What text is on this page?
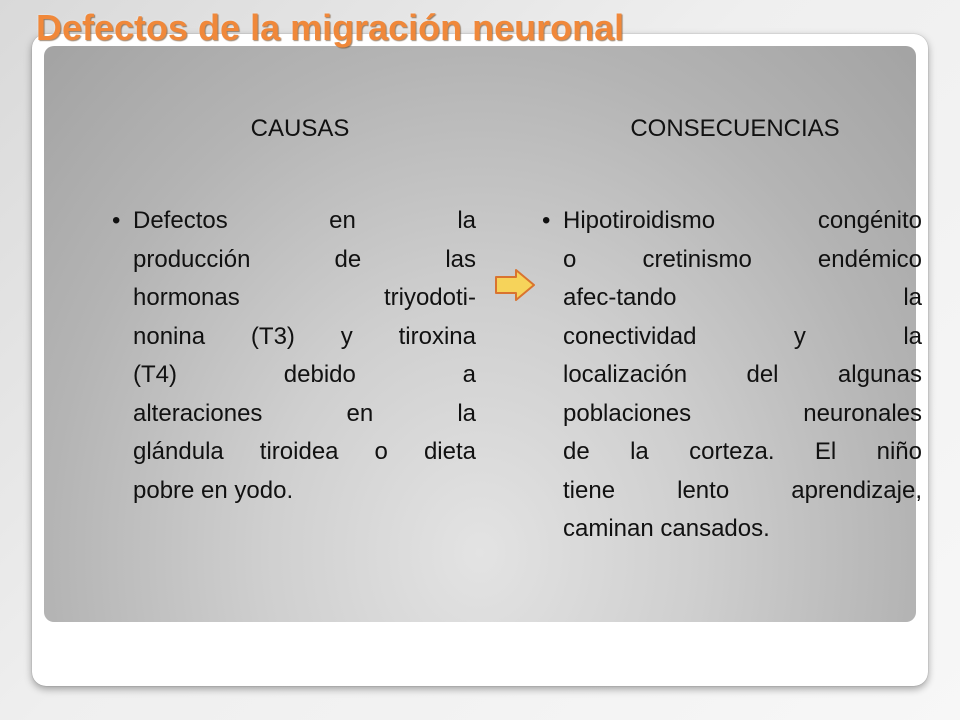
Defectos de la migración neuronal
CAUSAS	CONSECUENCIAS
• Defectos en la
producción de las
hormonas triyodoti-
nonina (T3) y tiroxina
(T4) debido a
alteraciones en la
glándula tiroidea o dieta
pobre en yodo.
• Hipotiroidismo congénito
o cretinismo endémico
afec-tando la
conectividad y la
localización del algunas
poblaciones neuronales
de la corteza. El niño
tiene lento aprendizaje,
caminan cansados.
